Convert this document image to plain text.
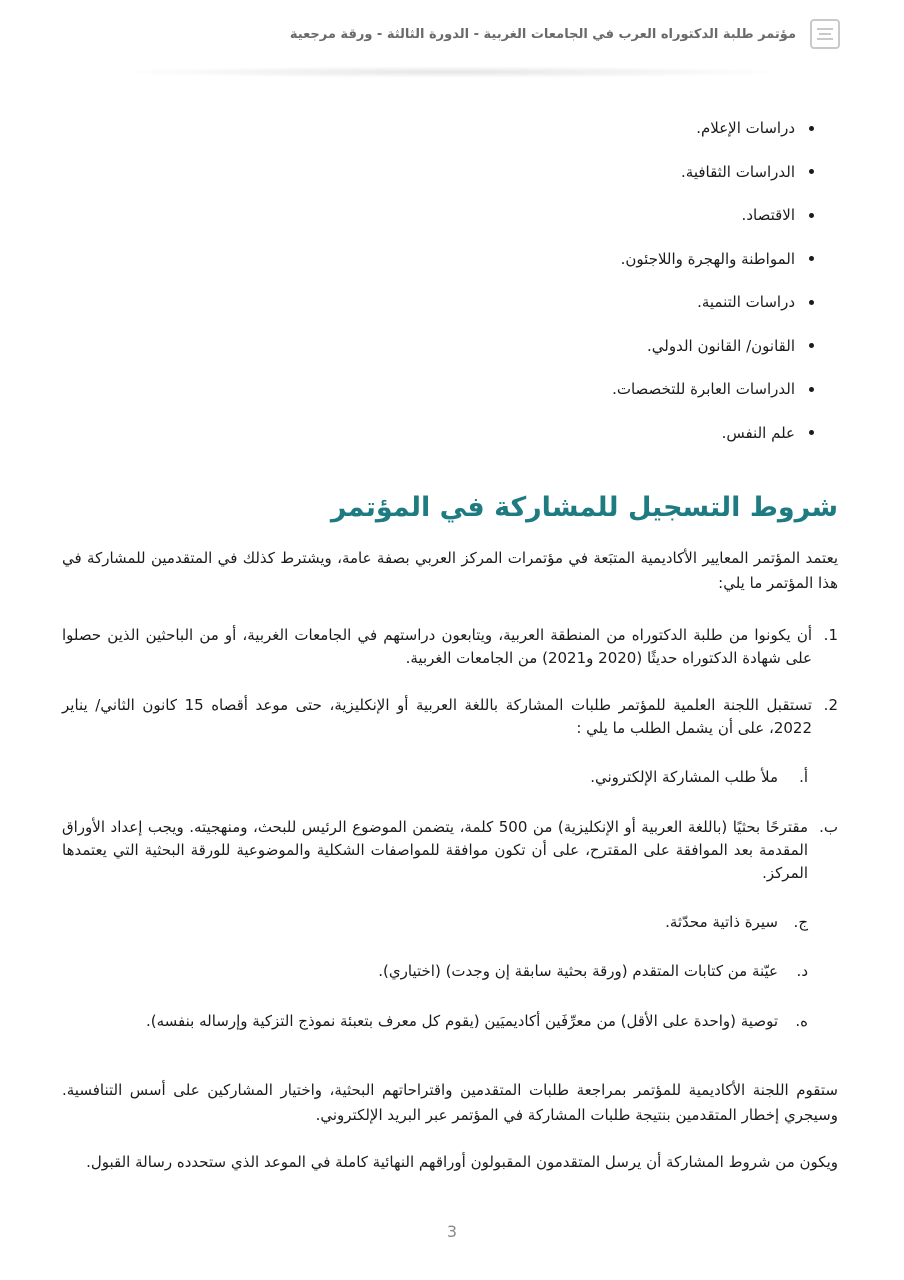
مؤتمر طلبة الدكتوراه العرب في الجامعات الغربية - الدورة الثالثة - ورقة مرجعية
دراسات الإعلام.
الدراسات الثقافية.
الاقتصاد.
المواطنة والهجرة واللاجئون.
دراسات التنمية.
القانون/ القانون الدولي.
الدراسات العابرة للتخصصات.
علم النفس.
شروط التسجيل للمشاركة في المؤتمر

يعتمد المؤتمر المعايير الأكاديمية المتبَعة في مؤتمرات المركز العربي بصفة عامة، ويشترط كذلك في المتقدمين للمشاركة في هذا المؤتمر ما يلي:

1.
أن يكونوا من طلبة الدكتوراه من المنطقة العربية، ويتابعون دراستهم في الجامعات الغربية، أو من الباحثين الذين حصلوا على شهادة الدكتوراه حديثًا (2020 و2021) من الجامعات الغربية.
2.
تستقبل اللجنة العلمية للمؤتمر طلبات المشاركة باللغة العربية أو الإنكليزية، حتى موعد أقصاه 15 كانون الثاني/ يناير 2022، على أن يشمل الطلب ما يلي :
أ.
ملأ طلب المشاركة الإلكتروني.
ب.
مقترحًا بحثيًا (باللغة العربية أو الإنكليزية) من 500 كلمة، يتضمن الموضوع الرئيس للبحث، ومنهجيته. ويجب إعداد الأوراق المقدمة بعد الموافقة على المقترح، على أن تكون موافقة للمواصفات الشكلية والموضوعية للورقة البحثية التي يعتمدها المركز.
ج.
سيرة ذاتية محدّثة.
د.
عيّنة من كتابات المتقدم (ورقة بحثية سابقة إن وجدت) (اختياري).
ه.
توصية (واحدة على الأقل) من معرِّفَين أكاديميَين (يقوم كل معرف بتعبئة نموذج التزكية وإرساله بنفسه).

ستقوم اللجنة الأكاديمية للمؤتمر بمراجعة طلبات المتقدمين واقتراحاتهم البحثية، واختيار المشاركين على أسس التنافسية. وسيجري إخطار المتقدمين بنتيجة طلبات المشاركة في المؤتمر عبر البريد الإلكتروني.

ويكون من شروط المشاركة أن يرسل المتقدمون المقبولون أوراقهم النهائية كاملة في الموعد الذي ستحدده رسالة القبول.

3
